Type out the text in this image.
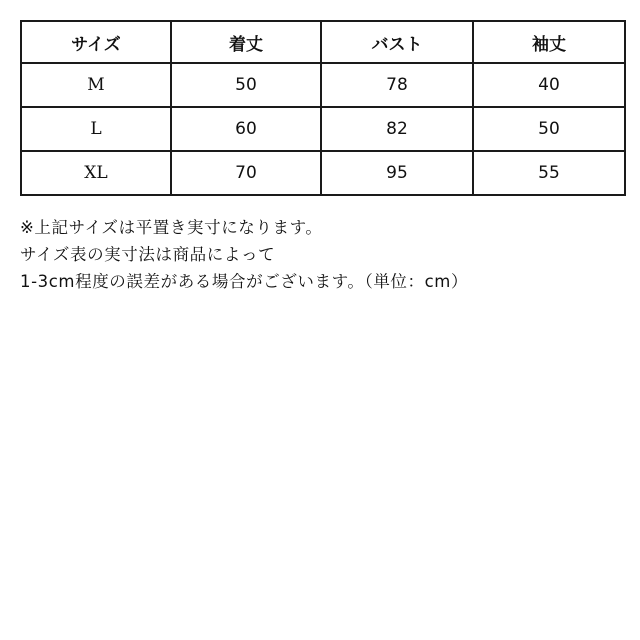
サイズ	着丈	バスト	袖丈
M	50	78	40
L	60	82	50
XL	70	95	55
※上記サイズは平置き実寸になります。
サイズ表の実寸法は商品によって
1-3cm程度の誤差がある場合がございます。（単位：cm）
